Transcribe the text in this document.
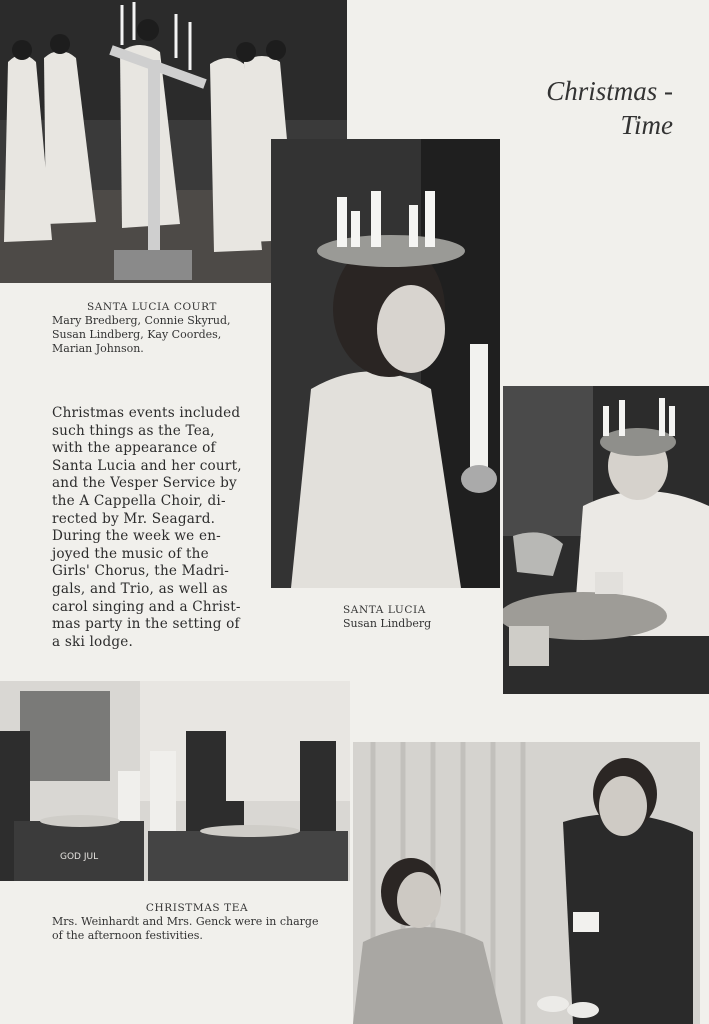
Christmas -
Time
GOD JUL
SANTA LUCIA COURT
Mary Bredberg, Connie Skyrud,
Susan Lindberg, Kay Coordes,
Marian Johnson.
Christmas events included
such things as the Tea,
with the appearance of
Santa Lucia and her court,
and the Vesper Service by
the A Cappella Choir, di-
rected by Mr. Seagard.
During the week we en-
joyed the music of the
Girls' Chorus, the Madri-
gals, and Trio, as well as
carol singing and a Christ-
mas party in the setting of
a ski lodge.
SANTA LUCIA
Susan Lindberg
CHRISTMAS TEA
Mrs. Weinhardt and Mrs. Genck were in charge
of the afternoon festivities.
